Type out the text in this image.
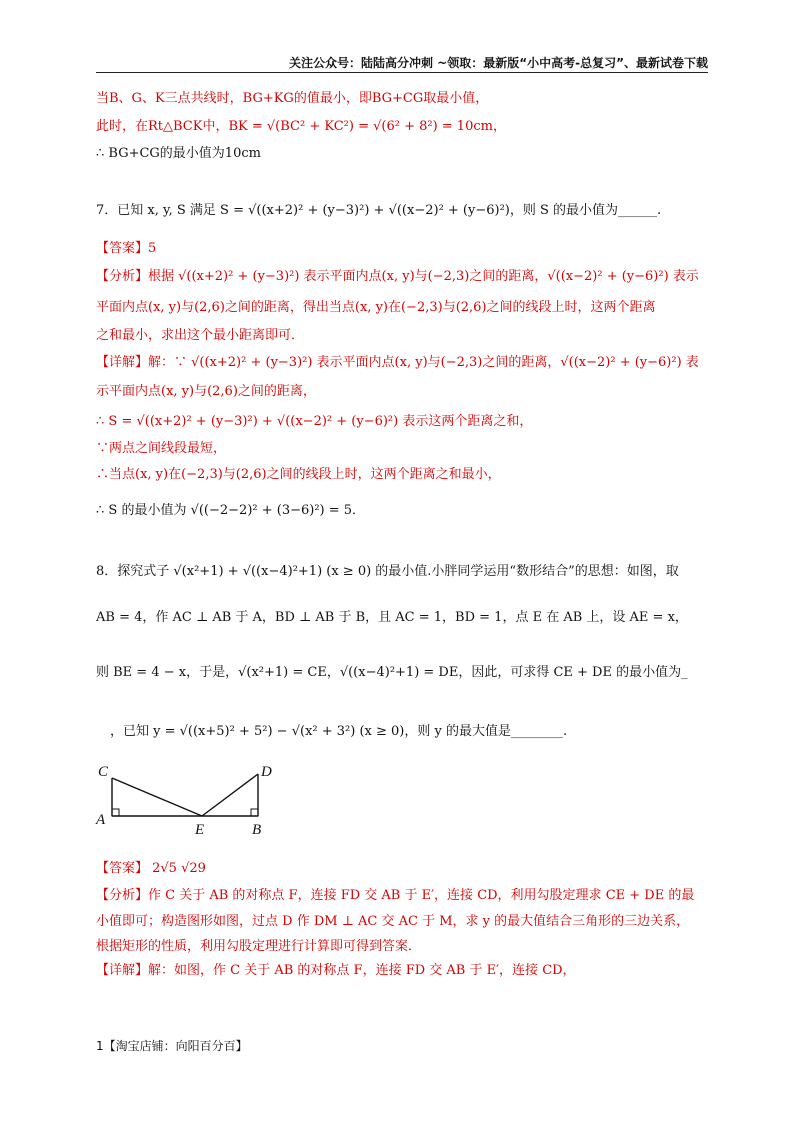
关注公众号：陆陆高分冲刺 ~领取：最新版“小中高考-总复习”、最新试卷下载
当B、G、K三点共线时，BG+KG的值最小，即BG+CG取最小值，
此时，在Rt△BCK中，BK = √(BC² + KC²) = √(6² + 8²) = 10cm，
∴ BG+CG的最小值为10cm
7．已知 x, y, S 满足 S = √((x+2)² + (y−3)²) + √((x−2)² + (y−6)²)，则 S 的最小值为______.
【答案】5
【分析】根据 √((x+2)² + (y−3)²) 表示平面内点(x, y)与(−2,3)之间的距离，√((x−2)² + (y−6)²) 表示
平面内点(x, y)与(2,6)之间的距离，得出当点(x, y)在(−2,3)与(2,6)之间的线段上时，这两个距离
之和最小，求出这个最小距离即可．
【详解】解：∵ √((x+2)² + (y−3)²) 表示平面内点(x, y)与(−2,3)之间的距离，√((x−2)² + (y−6)²) 表
示平面内点(x, y)与(2,6)之间的距离，
∴ S = √((x+2)² + (y−3)²) + √((x−2)² + (y−6)²) 表示这两个距离之和，
∵两点之间线段最短，
∴当点(x, y)在(−2,3)与(2,6)之间的线段上时，这两个距离之和最小，
∴ S 的最小值为 √((−2−2)² + (3−6)²) = 5．
8．探究式子 √(x²+1) + √((x−4)²+1) (x ≥ 0) 的最小值.小胖同学运用“数形结合”的思想：如图，取
AB = 4，作 AC ⊥ AB 于 A，BD ⊥ AB 于 B，且 AC = 1，BD = 1，点 E 在 AB 上，设 AE = x，
则 BE = 4 − x，于是，√(x²+1) = CE，√((x−4)²+1) = DE，因此，可求得 CE + DE 的最小值为_
，已知 y = √((x+5)² + 5²) − √(x² + 3²) (x ≥ 0)，则 y 的最大值是________.
C
A
E	B
D
【答案】 2√5 √29
【分析】作 C 关于 AB 的对称点 F，连接 FD 交 AB 于 E′，连接 CD，利用勾股定理求 CE + DE 的最
小值即可；构造图形如图，过点 D 作 DM ⊥ AC 交 AC 于 M，求 y 的最大值结合三角形的三边关系，
根据矩形的性质，利用勾股定理进行计算即可得到答案．
【详解】解：如图，作 C 关于 AB 的对称点 F，连接 FD 交 AB 于 E′，连接 CD，
1【淘宝店铺：向阳百分百】
